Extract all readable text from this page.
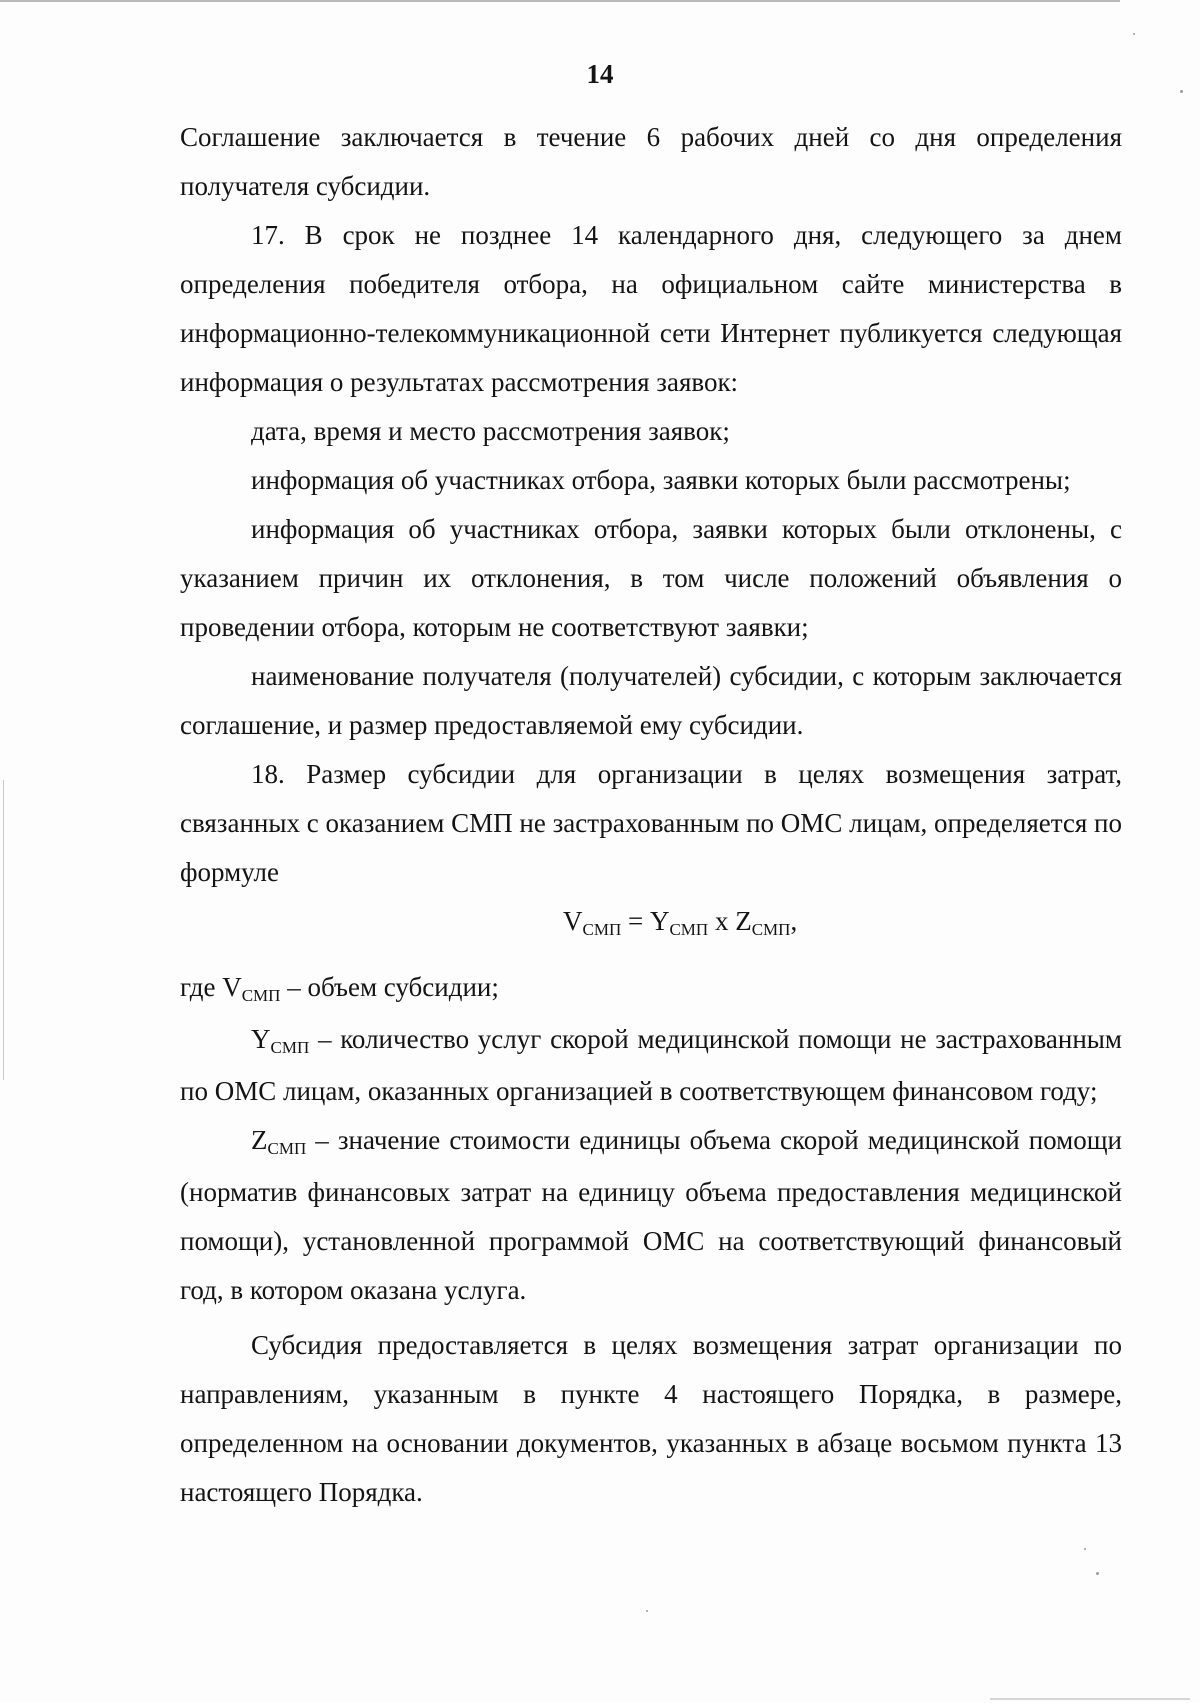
14

Соглашение заключается в течение 6 рабочих дней со дня определения получателя субсидии.

17. В срок не позднее 14 календарного дня, следующего за днем определения победителя отбора, на официальном сайте министерства в информационно-телекоммуникационной сети Интернет публикуется следующая информация о результатах рассмотрения заявок:

дата, время и место рассмотрения заявок;

информация об участниках отбора, заявки которых были рассмотрены;

информация об участниках отбора, заявки которых были отклонены, с указанием причин их отклонения, в том числе положений объявления о проведении отбора, которым не соответствуют заявки;

наименование получателя (получателей) субсидии, с которым заключается соглашение, и размер предоставляемой ему субсидии.

18. Размер субсидии для организации в целях возмещения затрат, связанных с оказанием СМП не застрахованным по ОМС лицам, определяется по формуле

VСМП = YСМП x ZСМП,

где VСМП – объем субсидии;

YСМП – количество услуг скорой медицинской помощи не застрахованным по ОМС лицам, оказанных организацией в соответствующем финансовом году;

ZСМП – значение стоимости единицы объема скорой медицинской помощи (норматив финансовых затрат на единицу объема предоставления медицинской помощи), установленной программой ОМС на соответствующий финансовый год, в котором оказана услуга.

Субсидия предоставляется в целях возмещения затрат организации по направлениям, указанным в пункте 4 настоящего Порядка, в размере, определенном на основании документов, указанных в абзаце восьмом пункта 13 настоящего Порядка.
